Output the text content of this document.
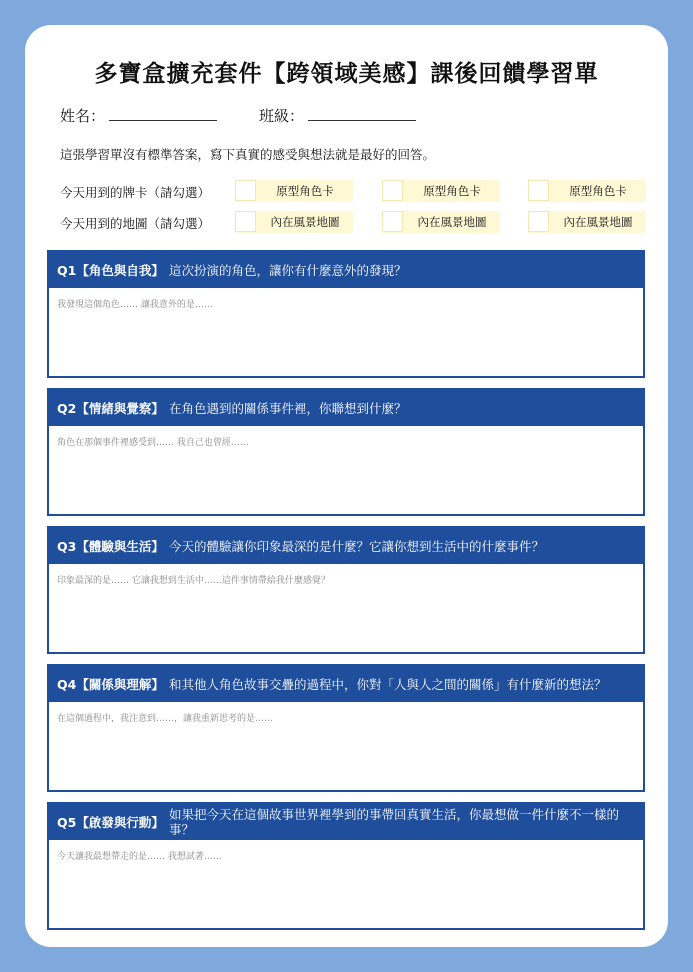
多寶盒擴充套件【跨領域美感】課後回饋學習單
姓名：	班級：
這張學習單沒有標準答案，寫下真實的感受與想法就是最好的回答。
今天用到的牌卡（請勾選）	原型角色卡	原型角色卡	原型角色卡
今天用到的地圖（請勾選）	內在風景地圖	內在風景地圖	內在風景地圖
Q1【角色與自我】 這次扮演的角色，讓你有什麼意外的發現？
我發現這個角色…… 讓我意外的是……
Q2【情緒與覺察】 在角色遇到的關係事件裡，你聯想到什麼？
角色在那個事件裡感受到…… 我自己也曾經……
Q3【體驗與生活】 今天的體驗讓你印象最深的是什麼？它讓你想到生活中的什麼事件？
印象最深的是…… 它讓我想到生活中……這件事情帶給我什麼感覺？
Q4【關係與理解】 和其他人角色故事交疊的過程中，你對「人與人之間的關係」有什麼新的想法？
在這個過程中，我注意到……，讓我重新思考的是……
Q5【啟發與行動】
如果把今天在這個故事世界裡學到的事帶回真實生活，你最想做一件什麼不一樣的事？
今天讓我最想帶走的是…… 我想試著……
